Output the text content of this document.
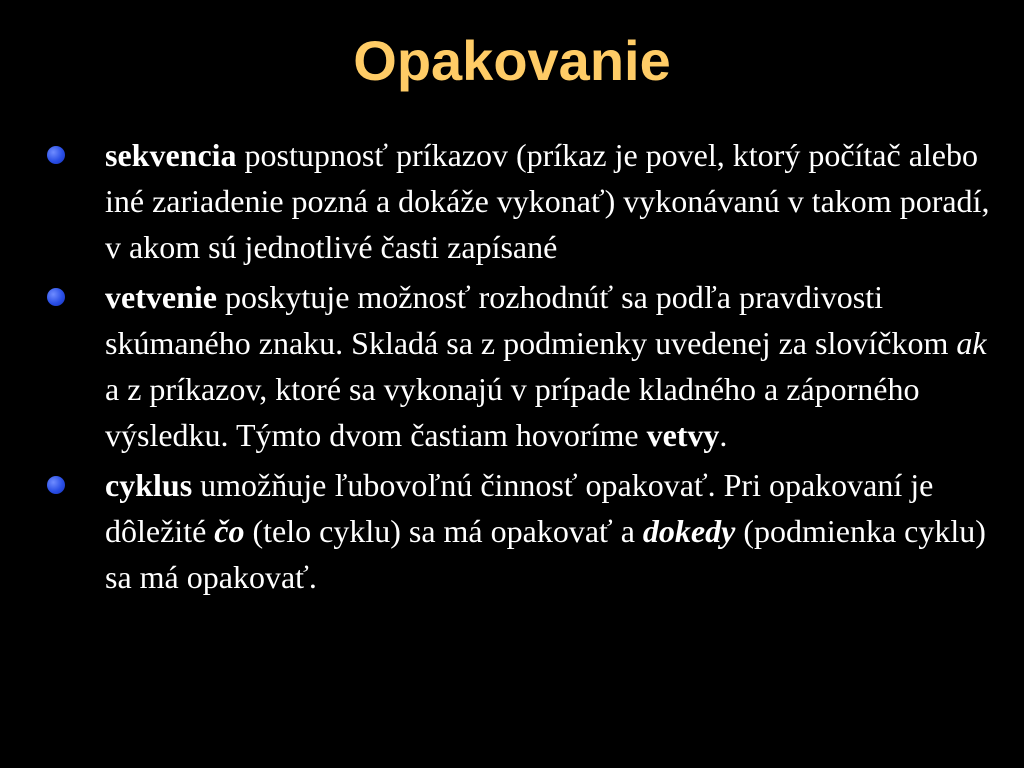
Opakovanie
sekvencia postupnosť príkazov (príkaz je povel, ktorý počítač alebo iné zariadenie pozná a dokáže vykonať) vykonávanú v takom poradí, v akom sú jednotlivé časti zapísané
vetvenie poskytuje možnosť rozhodnúť sa podľa pravdivosti skúmaného znaku. Skladá sa z podmienky uvedenej za slovíčkom ak a z príkazov, ktoré sa vykonajú v prípade kladného a záporného výsledku. Týmto dvom častiam hovoríme vetvy.
cyklus umožňuje ľubovoľnú činnosť opakovať. Pri opakovaní je dôležité čo (telo cyklu) sa má opakovať a dokedy (podmienka cyklu) sa má opakovať.
